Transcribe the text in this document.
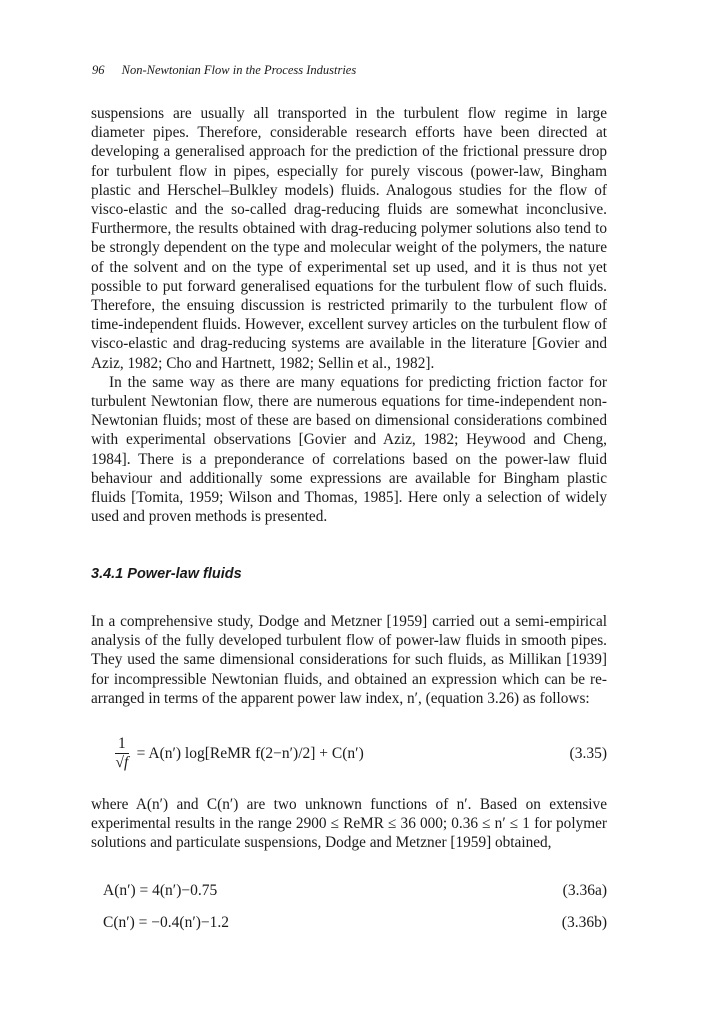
96 Non-Newtonian Flow in the Process Industries

suspensions are usually all transported in the turbulent flow regime in large diameter pipes. Therefore, considerable research efforts have been directed at developing a generalised approach for the prediction of the frictional pressure drop for turbulent flow in pipes, especially for purely viscous (power-law, Bingham plastic and Herschel–Bulkley models) fluids. Analogous studies for the flow of visco-elastic and the so-called drag-reducing fluids are somewhat inconclusive. Furthermore, the results obtained with drag-reducing polymer solutions also tend to be strongly dependent on the type and molecular weight of the polymers, the nature of the solvent and on the type of experimental set up used, and it is thus not yet possible to put forward generalised equations for the turbulent flow of such fluids. Therefore, the ensuing discussion is restricted primarily to the turbulent flow of time-independent fluids. However, excellent survey articles on the turbulent flow of visco-elastic and drag-reducing systems are available in the literature [Govier and Aziz, 1982; Cho and Hartnett, 1982; Sellin et al., 1982].

In the same way as there are many equations for predicting friction factor for turbulent Newtonian flow, there are numerous equations for time-independent non-Newtonian fluids; most of these are based on dimensional considerations combined with experimental observations [Govier and Aziz, 1982; Heywood and Cheng, 1984]. There is a preponderance of correlations based on the power-law fluid behaviour and additionally some expressions are available for Bingham plastic fluids [Tomita, 1959; Wilson and Thomas, 1985]. Here only a selection of widely used and proven methods is presented.

3.4.1 Power-law fluids

In a comprehensive study, Dodge and Metzner [1959] carried out a semi-empirical analysis of the fully developed turbulent flow of power-law fluids in smooth pipes. They used the same dimensional considerations for such fluids, as Millikan [1939] for incompressible Newtonian fluids, and obtained an expression which can be re-arranged in terms of the apparent power law index, n′, (equation 3.26) as follows:

$\frac{1}{√f} = A(n')$ log[ReMR f(2−n′)/2] + C(n′)	(3.35)

where A(n′) and C(n′) are two unknown functions of n′. Based on extensive experimental results in the range 2900 ≤ ReMR ≤ 36 000; 0.36 ≤ n′ ≤ 1 for polymer solutions and particulate suspensions, Dodge and Metzner [1959] obtained,

A(n′) = 4(n′)−0.75	(3.36a)
C(n′) = −0.4(n′)−1.2	(3.36b)
